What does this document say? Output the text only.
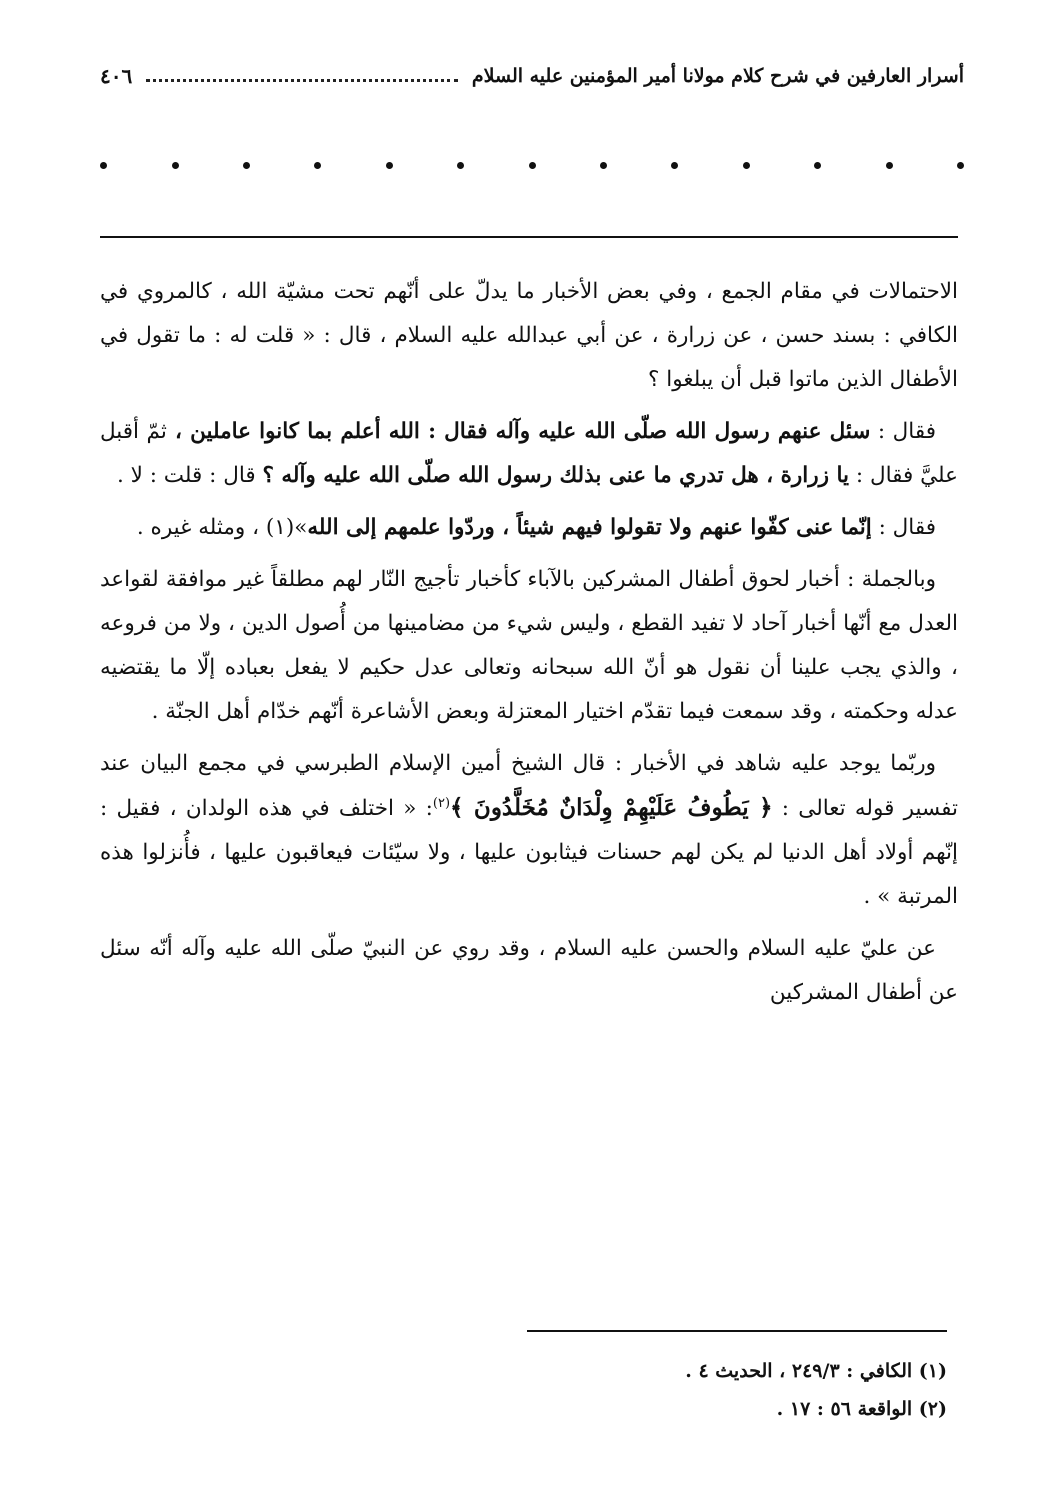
أسرار العارفين في شرح كلام مولانا أمير المؤمنين عليه السلام
٤٠٦

الاحتمالات في مقام الجمع ، وفي بعض الأخبار ما يدلّ على أنّهم تحت مشيّة الله ، كالمروي في الكافي : بسند حسن ، عن زرارة ، عن أبي عبدالله عليه السلام ، قال : « قلت له : ما تقول في الأطفال الذين ماتوا قبل أن يبلغوا ؟

فقال : سئل عنهم رسول الله صلّى الله عليه وآله فقال : الله أعلم بما كانوا عاملين ، ثمّ أقبل عليَّ فقال : يا زرارة ، هل تدري ما عنى بذلك رسول الله صلّى الله عليه وآله ؟ قال : قلت : لا .

فقال : إنّما عنى كفّوا عنهم ولا تقولوا فيهم شيئاً ، وردّوا علمهم إلى الله»(١) ، ومثله غيره .

وبالجملة : أخبار لحوق أطفال المشركين بالآباء كأخبار تأجيج النّار لهم مطلقاً غير موافقة لقواعد العدل مع أنّها أخبار آحاد لا تفيد القطع ، وليس شيء من مضامينها من أُصول الدين ، ولا من فروعه ، والذي يجب علينا أن نقول هو أنّ الله سبحانه وتعالى عدل حكيم لا يفعل بعباده إلّا ما يقتضيه عدله وحكمته ، وقد سمعت فيما تقدّم اختيار المعتزلة وبعض الأشاعرة أنّهم خدّام أهل الجنّة .

وربّما يوجد عليه شاهد في الأخبار : قال الشيخ أمين الإسلام الطبرسي في مجمع البيان عند تفسير قوله تعالى : ﴿ يَطُوفُ عَلَيْهِمْ وِلْدَانٌ مُخَلَّدُونَ ﴾$^{(٢)}$: « اختلف في هذه الولدان ، فقيل : إنّهم أولاد أهل الدنيا لم يكن لهم حسنات فيثابون عليها ، ولا سيّئات فيعاقبون عليها ، فأُنزلوا هذه المرتبة » .

عن عليّ عليه السلام والحسن عليه السلام ، وقد روي عن النبيّ صلّى الله عليه وآله أنّه سئل عن أطفال المشركين

(١) الكافي : ٢٤٩/٣ ، الحديث ٤ .
(٢) الواقعة ٥٦ : ١٧ .
